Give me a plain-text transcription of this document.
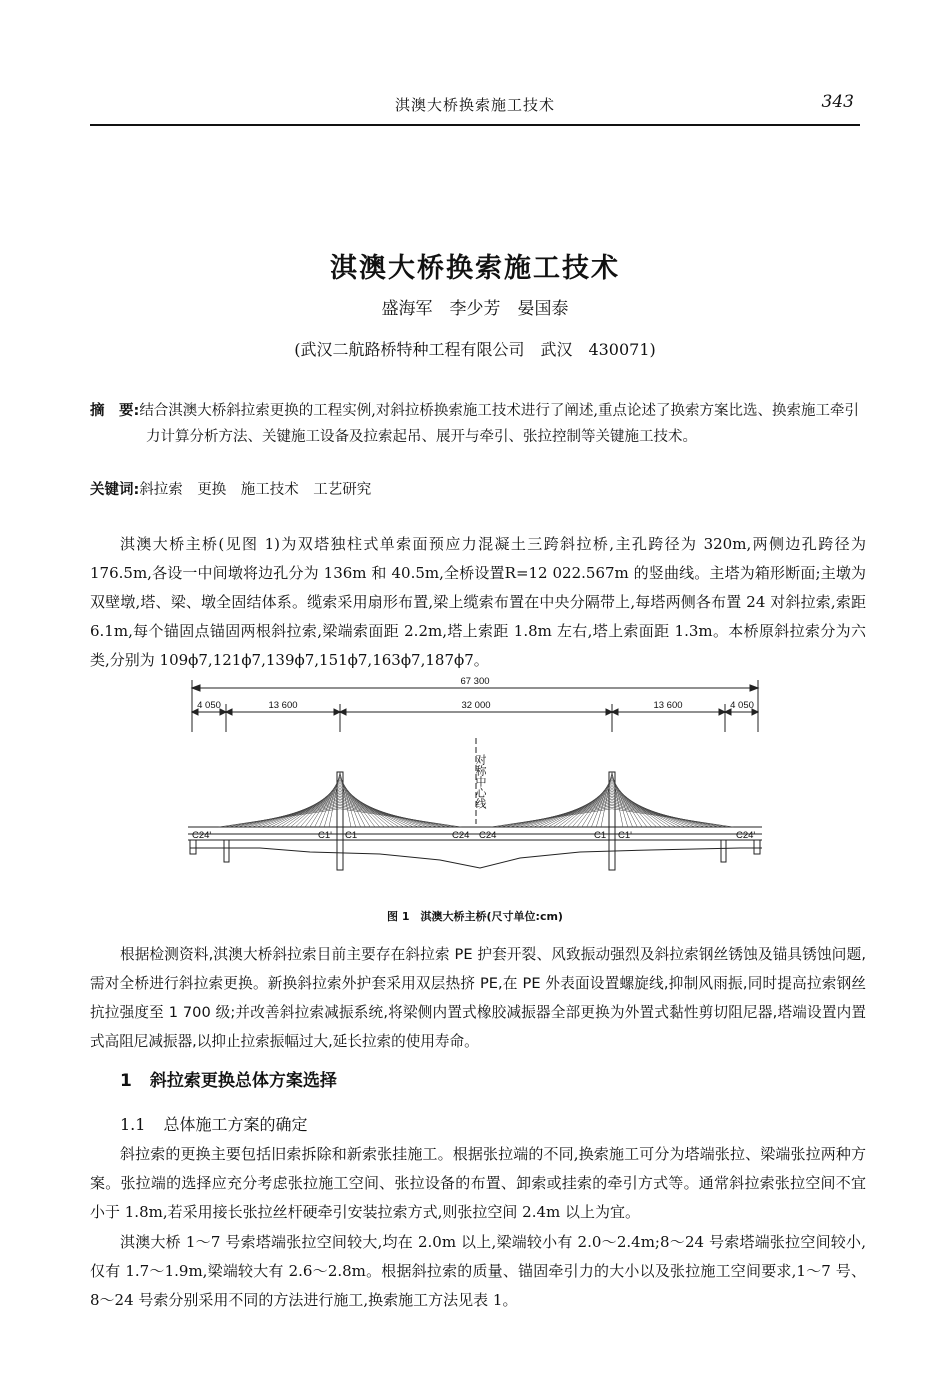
淇澳大桥换索施工技术	343
淇澳大桥换索施工技术
盛海军　李少芳　晏国泰
(武汉二航路桥特种工程有限公司　武汉　430071)
摘　要:结合淇澳大桥斜拉索更换的工程实例,对斜拉桥换索施工技术进行了阐述,重点论述了换索方案比选、换索施工牵引力计算分析方法、关键施工设备及拉索起吊、展开与牵引、张拉控制等关键施工技术。
关键词:斜拉索　更换　施工技术　工艺研究
淇澳大桥主桥(见图 1)为双塔独柱式单索面预应力混凝土三跨斜拉桥,主孔跨径为 320m,两侧边孔跨径为 176.5m,各设一中间墩将边孔分为 136m 和 40.5m,全桥设置R=12 022.567m 的竖曲线。主塔为箱形断面;主墩为双壁墩,塔、梁、墩全固结体系。缆索采用扇形布置,梁上缆索布置在中央分隔带上,每塔两侧各布置 24 对斜拉索,索距 6.1m,每个锚固点锚固两根斜拉索,梁端索面距 2.2m,塔上索距 1.8m 左右,塔上索面距 1.3m。本桥原斜拉索分为六类,分别为 109ϕ7,121ϕ7,139ϕ7,151ϕ7,163ϕ7,187ϕ7。
67 300
4 050	13 600	32 000	13 600	4 050
C24'	C1' C1	C24 C24	C1 C1'	C24'
对称中心线
图 1　淇澳大桥主桥(尺寸单位:cm)
根据检测资料,淇澳大桥斜拉索目前主要存在斜拉索 PE 护套开裂、风致振动强烈及斜拉索钢丝锈蚀及锚具锈蚀问题,需对全桥进行斜拉索更换。新换斜拉索外护套采用双层热挤 PE,在 PE 外表面设置螺旋线,抑制风雨振,同时提高拉索钢丝抗拉强度至 1 700 级;并改善斜拉索减振系统,将梁侧内置式橡胶减振器全部更换为外置式黏性剪切阻尼器,塔端设置内置式高阻尼减振器,以抑止拉索振幅过大,延长拉索的使用寿命。
1 斜拉索更换总体方案选择
1.1 总体施工方案的确定
斜拉索的更换主要包括旧索拆除和新索张挂施工。根据张拉端的不同,换索施工可分为塔端张拉、梁端张拉两种方案。张拉端的选择应充分考虑张拉施工空间、张拉设备的布置、卸索或挂索的牵引方式等。通常斜拉索张拉空间不宜小于 1.8m,若采用接长张拉丝杆硬牵引安装拉索方式,则张拉空间 2.4m 以上为宜。
淇澳大桥 1～7 号索塔端张拉空间较大,均在 2.0m 以上,梁端较小有 2.0～2.4m;8～24 号索塔端张拉空间较小,仅有 1.7～1.9m,梁端较大有 2.6～2.8m。根据斜拉索的质量、锚固牵引力的大小以及张拉施工空间要求,1～7 号、8～24 号索分别采用不同的方法进行施工,换索施工方法见表 1。
